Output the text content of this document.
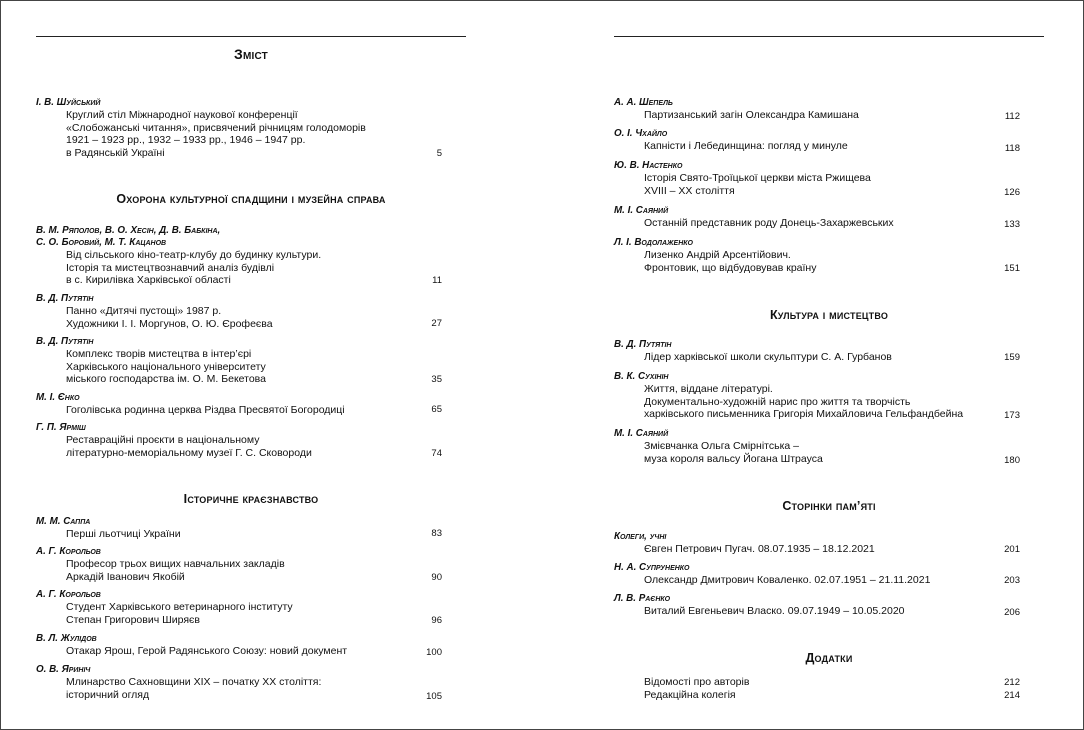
Зміст
І. В. Шуйський
Круглий стіл Міжнародної наукової конференції
«Слобожанські читання», присвячений річницям голодоморів
1921 – 1923 рр., 1932 – 1933 рр., 1946 – 1947 рр.
в Радянській Україні	5
Охорона культурної спадщини і музейна справа
В. М. Ряполов, В. О. Хесін, Д. В. Бабкіна,
С. О. Боровий, М. Т. Кацанов
Від сільського кіно-театр-клубу до будинку культури.
Історія та мистецтвознавчий аналіз будівлі
в с. Кирилівка Харківської області	11
В. Д. Путятін
Панно «Дитячі пустощі» 1987 р.
Художники І. І. Моргунов, О. Ю. Єрофеєва	27
В. Д. Путятін
Комплекс творів мистецтва в інтер’єрі
Харківського національного університету
міського господарства ім. О. М. Бекетова	35
М. І. Єнко
Гоголівська родинна церква Різдва Пресвятої Богородиці	65
Г. П. Ярміш
Реставраційні проєкти в національному
літературно-меморіальному музеї Г. С. Сковороди	74
Історичне краєзнавство
М. М. Саппа
Перші льотчиці України	83
А. Г. Корольов
Професор трьох вищих навчальних закладів
Аркадій Іванович Якобій	90
А. Г. Корольов
Студент Харківського ветеринарного інституту
Степан Григорович Ширяєв	96
В. Л. Жулідов
Отакар Ярош, Герой Радянського Союзу: новий документ	100
О. В. Яриніч
Млинарство Сахновщини ХІХ – початку ХХ століття:
історичний огляд	105
А. А. Шепель
Партизанський загін Олександра Камишана	112
О. І. Чхайло
Капністи і Лебединщина: погляд у минуле	118
Ю. В. Настенко
Історія Свято-Троїцької церкви міста Ржищева
XVIII – XX століття	126
М. І. Саяний
Останній представник роду Донець-Захаржевських	133
Л. І. Водолаженко
Лизенко Андрій Арсентійович.
Фронтовик, що відбудовував країну	151
Культура і мистецтво
В. Д. Путятін
Лідер харківської школи скульптури С. А. Гурбанов	159
В. К. Сухінін
Життя, віддане літературі.
Документально-художній нарис про життя та творчість
харківського письменника Григорія Михайловича Гельфандбейна	173
М. І. Саяний
Змієвчанка Ольга Смірнітська –
муза короля вальсу Йогана Штрауса	180
Сторінки пам’яті
Колеги, учні
Євген Петрович Пугач. 08.07.1935 – 18.12.2021	201
Н. А. Супруненко
Олександр Дмитрович Коваленко. 02.07.1951 – 21.11.2021	203
Л. В. Раєнко
Виталий Евгеньевич Власко. 09.07.1949 – 10.05.2020	206
Додатки
Відомості про авторів	212
Редакційна колегія	214
